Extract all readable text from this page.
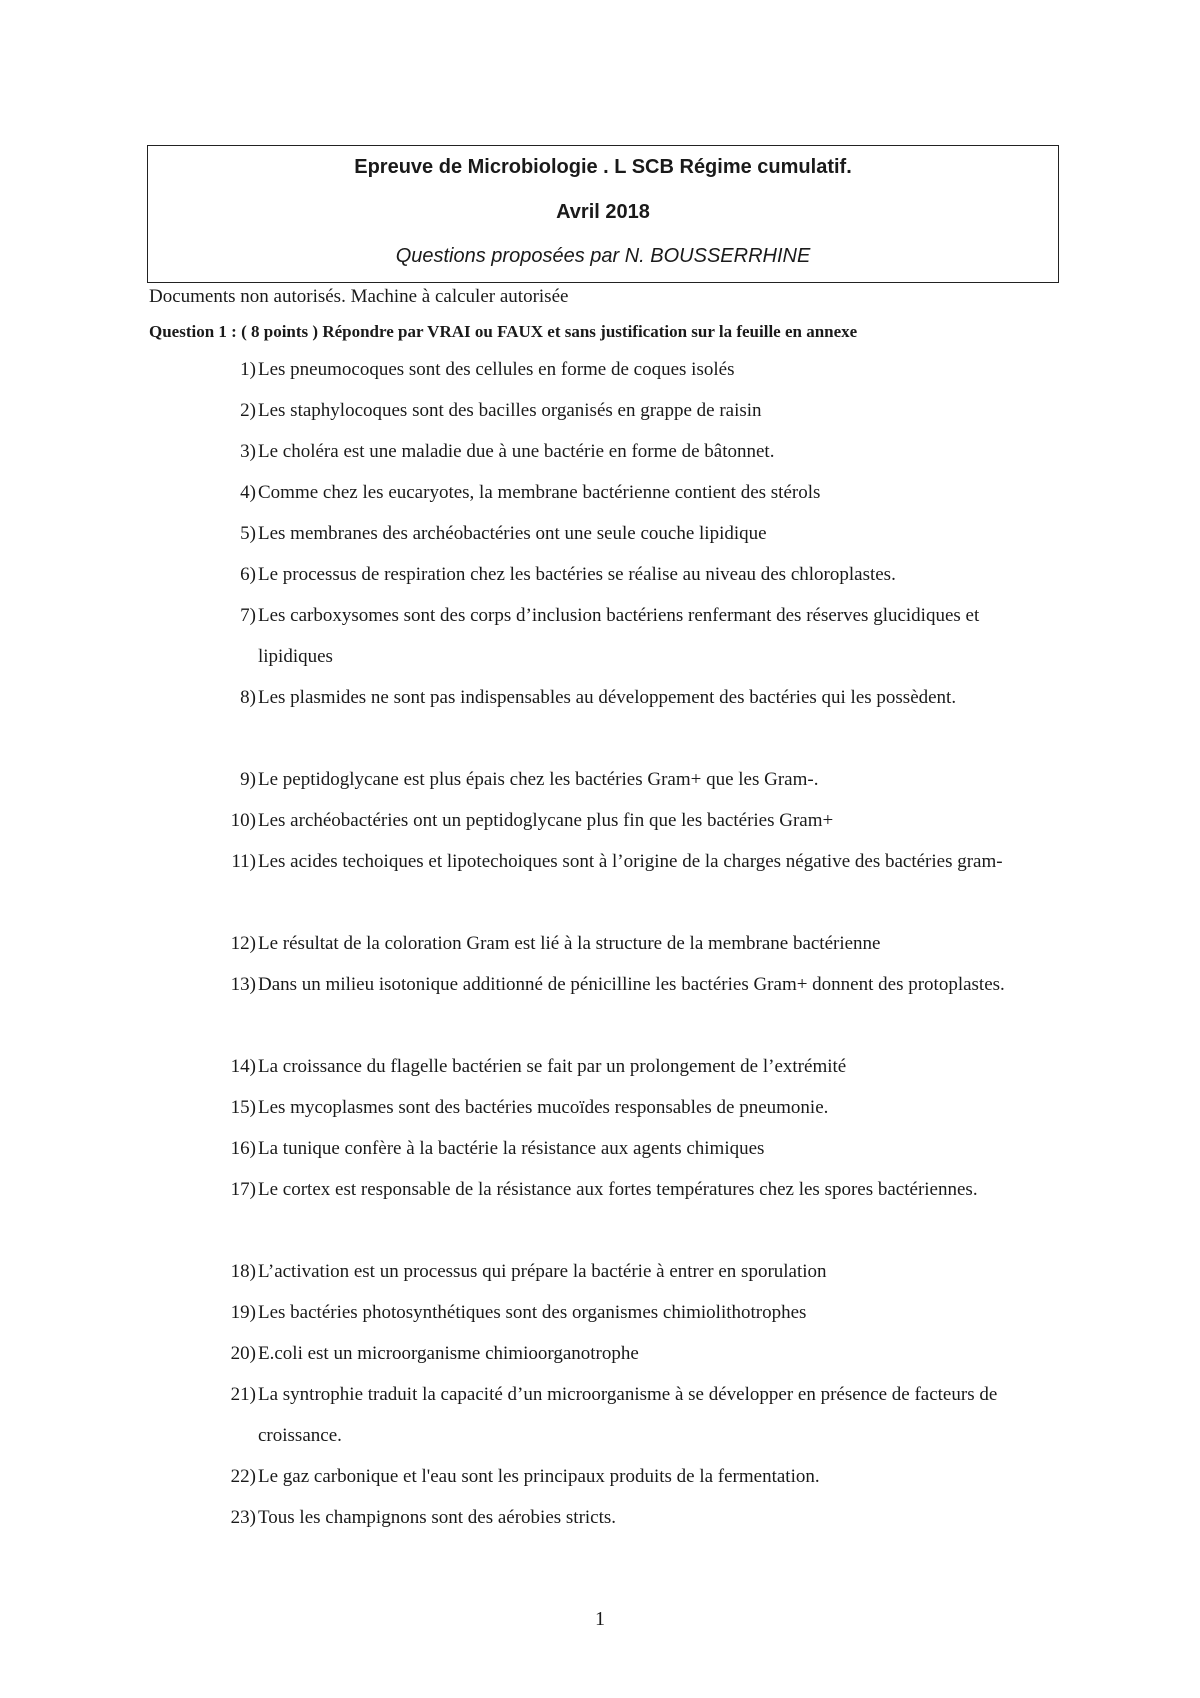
Epreuve de Microbiologie . L SCB Régime cumulatif.
Avril 2018
Questions proposées par N. BOUSSERRHINE
Documents non autorisés. Machine à calculer autorisée
Question 1 : ( 8 points ) Répondre par VRAI ou FAUX et sans justification sur la feuille en annexe
1) Les pneumocoques sont des cellules en forme de coques isolés
2) Les staphylocoques sont des bacilles organisés en grappe de raisin
3) Le choléra est une maladie due à une bactérie en forme de bâtonnet.
4) Comme chez les eucaryotes, la membrane bactérienne contient des stérols
5) Les membranes des archéobactéries ont une seule couche lipidique
6) Le processus de respiration chez les bactéries se réalise au niveau des chloroplastes.
7) Les carboxysomes sont des corps d’inclusion bactériens renfermant des réserves glucidiques et lipidiques
8) Les plasmides ne sont pas indispensables au développement des bactéries qui les possèdent.
9) Le peptidoglycane est plus épais chez les bactéries Gram+ que les Gram-.
10) Les archéobactéries ont un peptidoglycane plus fin que les bactéries Gram+
11) Les acides techoiques et lipotechoiques sont à l’origine de la charges négative des bactéries gram-
12) Le résultat de la coloration Gram est lié à la structure de la membrane bactérienne
13) Dans un milieu isotonique additionné de pénicilline les bactéries Gram+ donnent des protoplastes.
14) La croissance du flagelle bactérien se fait par un prolongement de l’extrémité
15) Les mycoplasmes sont des bactéries mucoïdes responsables de pneumonie.
16) La tunique confère à la bactérie la résistance aux agents chimiques
17) Le cortex est responsable de la résistance aux fortes températures chez les spores bactériennes.
18) L’activation est un processus qui prépare la bactérie à entrer en sporulation
19) Les bactéries photosynthétiques sont des organismes chimiolithotrophes
20) E.coli est un microorganisme chimioorganotrophe
21) La syntrophie traduit la capacité d’un microorganisme à se développer en présence de facteurs de croissance.
22) Le gaz carbonique et l'eau sont les principaux produits de la fermentation.
23) Tous les champignons sont des aérobies stricts.
1
